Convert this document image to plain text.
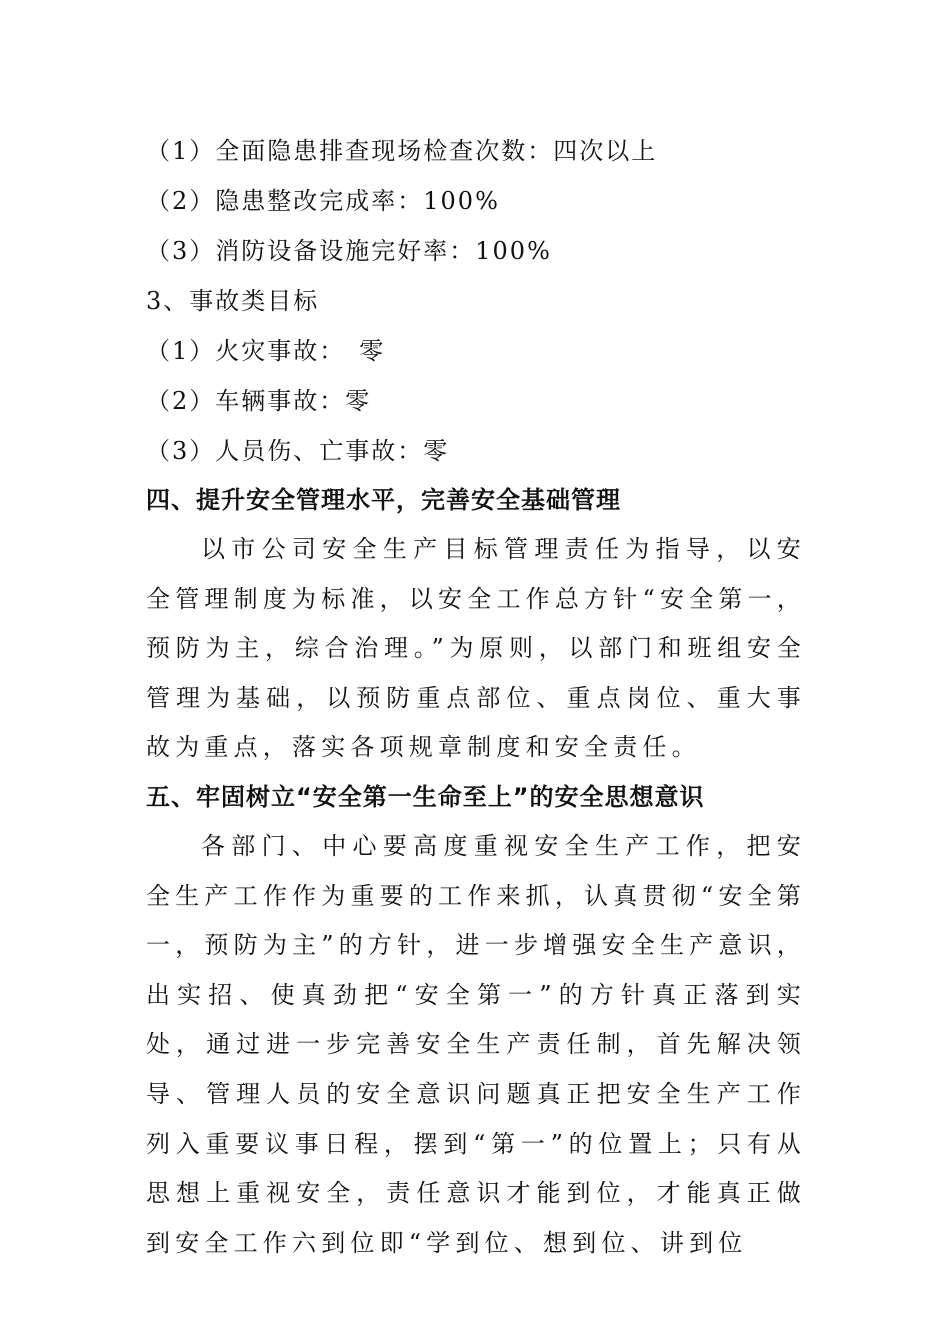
（1）全面隐患排查现场检查次数：四次以上
（2）隐患整改完成率：100%
（3）消防设备设施完好率：100%
3、事故类目标
（1）火灾事故：　零
（2）车辆事故：零
（3）人员伤、亡事故：零
四、提升安全管理水平，完善安全基础管理

以市公司安全生产目标管理责任为指导，以安全管理制度为标准，以安全工作总方针“安全第一，预防为主，综合治理。”为原则，以部门和班组安全管理为基础，以预防重点部位、重点岗位、重大事故为重点，落实各项规章制度和安全责任。

五、牢固树立“安全第一生命至上”的安全思想意识

各部门、中心要高度重视安全生产工作，把安全生产工作作为重要的工作来抓，认真贯彻“安全第一，预防为主”的方针，进一步增强安全生产意识，出实招、使真劲把“安全第一”的方针真正落到实处，通过进一步完善安全生产责任制，首先解决领导、管理人员的安全意识问题真正把安全生产工作列入重要议事日程，摆到“第一”的位置上；只有从思想上重视安全，责任意识才能到位，才能真正做到安全工作六到位即“学到位、想到位、讲到位
